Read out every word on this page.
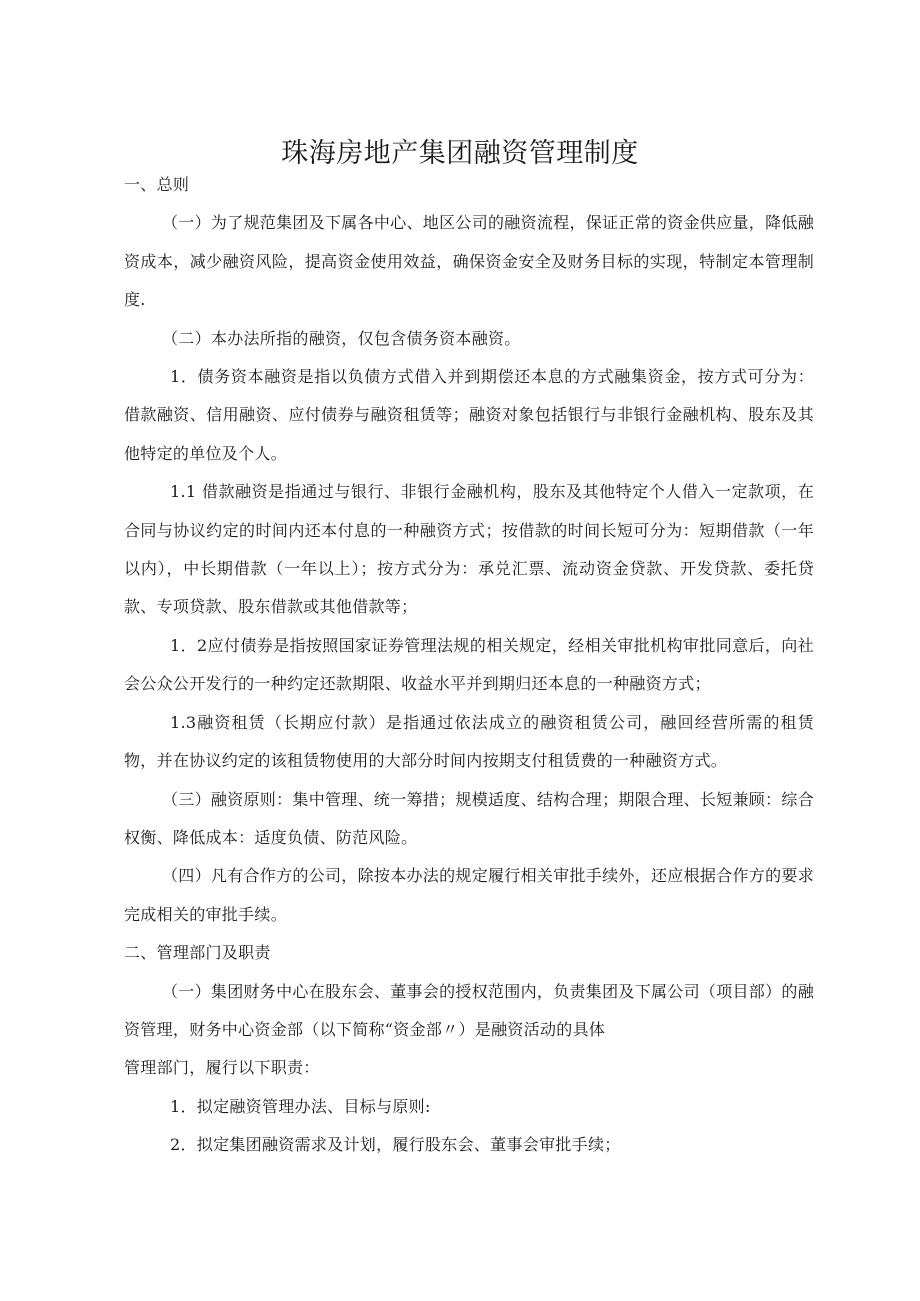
珠海房地产集团融资管理制度

一、总则

（一）为了规范集团及下属各中心、地区公司的融资流程，保证正常的资金供应量，降低融资成本，减少融资风险，提高资金使用效益，确保资金安全及财务目标的实现，特制定本管理制度.

（二）本办法所指的融资，仅包含债务资本融资。

1．债务资本融资是指以负债方式借入并到期偿还本息的方式融集资金，按方式可分为：借款融资、信用融资、应付债券与融资租赁等；融资对象包括银行与非银行金融机构、股东及其他特定的单位及个人。

1.1 借款融资是指通过与银行、非银行金融机构，股东及其他特定个人借入一定款项，在合同与协议约定的时间内还本付息的一种融资方式；按借款的时间长短可分为：短期借款（一年以内），中长期借款（一年以上）；按方式分为：承兑汇票、流动资金贷款、开发贷款、委托贷款、专项贷款、股东借款或其他借款等；

1．2应付债券是指按照国家证券管理法规的相关规定，经相关审批机构审批同意后，向社会公众公开发行的一种约定还款期限、收益水平并到期归还本息的一种融资方式；

1.3融资租赁（长期应付款）是指通过依法成立的融资租赁公司，融回经营所需的租赁物，并在协议约定的该租赁物使用的大部分时间内按期支付租赁费的一种融资方式。

（三）融资原则：集中管理、统一筹措；规模适度、结构合理；期限合理、长短兼顾：综合权衡、降低成本：适度负债、防范风险。

（四）凡有合作方的公司，除按本办法的规定履行相关审批手续外，还应根据合作方的要求完成相关的审批手续。

二、管理部门及职责

（一）集团财务中心在股东会、董事会的授权范围内，负责集团及下属公司（项目部）的融资管理，财务中心资金部（以下简称“资金部〃）是融资活动的具体

管理部门，履行以下职责：

1．拟定融资管理办法、目标与原则:

2．拟定集团融资需求及计划，履行股东会、董事会审批手续；
